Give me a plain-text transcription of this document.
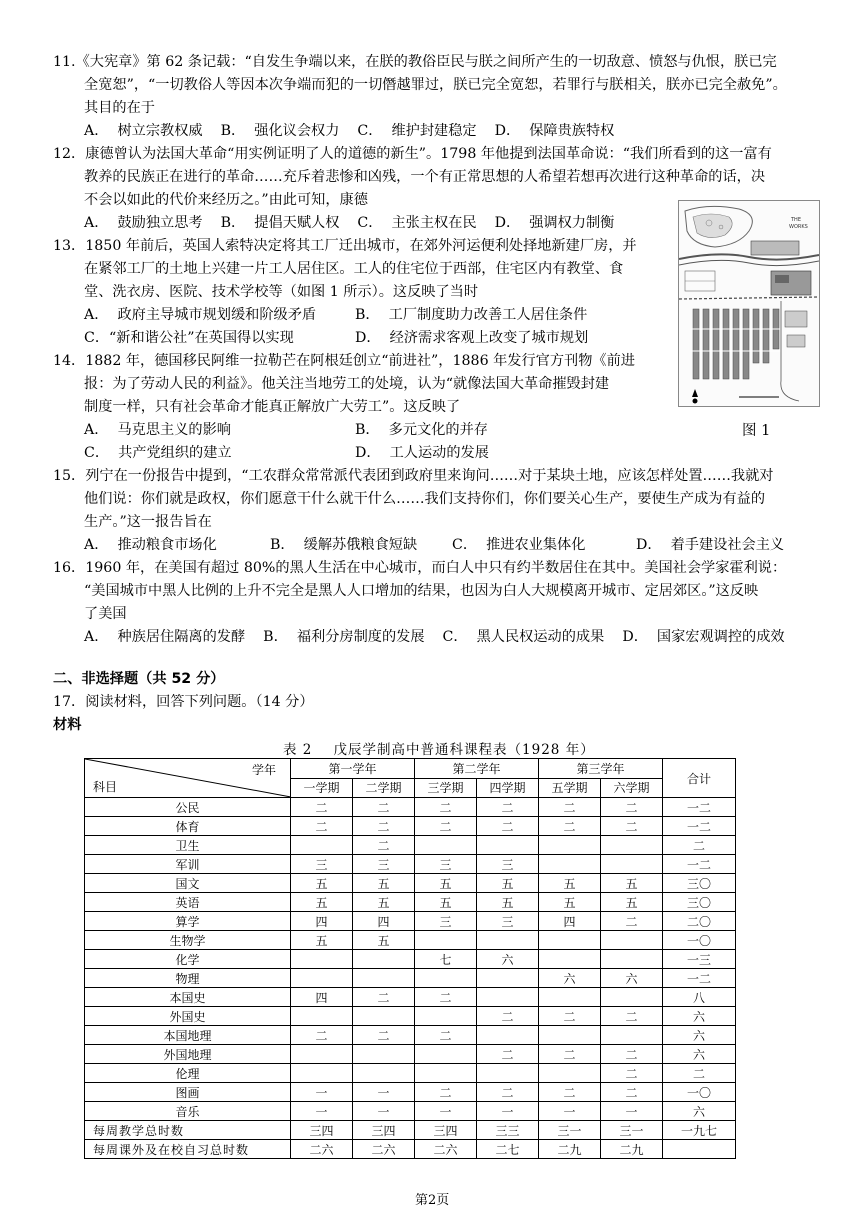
11.《大宪章》第 62 条记载：“自发生争端以来，在朕的教俗臣民与朕之间所产生的一切敌意、愤怒与仇恨，朕已完
全宽恕”，“一切教俗人等因本次争端而犯的一切僭越罪过，朕已完全宽恕，若罪行与朕相关，朕亦已完全赦免”。
其目的在于
A．  树立宗教权威    B．  强化议会权力    C．  维护封建稳定    D．  保障贵族特权
12．康德曾认为法国大革命“用实例证明了人的道德的新生”。1798 年他提到法国革命说：“我们所看到的这一富有
教养的民族正在进行的革命……充斥着悲惨和凶残，一个有正常思想的人希望若想再次进行这种革命的话，决
不会以如此的代价来经历之。”由此可知，康德
A．  鼓励独立思考    B．  提倡天赋人权    C．  主张主权在民    D．  强调权力制衡
13．1850 年前后，英国人索特决定将其工厂迁出城市，在郊外河运便利处择地新建厂房，并
在紧邻工厂的土地上兴建一片工人居住区。工人的住宅位于西部，住宅区内有教堂、食
堂、洗衣房、医院、技术学校等（如图 1 所示）。这反映了当时
A．  政府主导城市规划缓和阶级矛盾	B．  工厂制度助力改善工人居住条件
C．“新和谐公社”在英国得以实现	D．  经济需求客观上改变了城市规划
14．1882 年，德国移民阿维一拉勒芒在阿根廷创立“前进社”，1886 年发行官方刊物《前进
报：为了劳动人民的利益》。他关注当地劳工的处境，认为“就像法国大革命摧毁封建
制度一样，只有社会革命才能真正解放广大劳工”。这反映了
A．  马克思主义的影响	B．  多元文化的并存
C．  共产党组织的建立	D．  工人运动的发展
THE
WORKS
图 1
15．列宁在一份报告中提到，“工农群众常常派代表团到政府里来询问……对于某块土地，应该怎样处置……我就对
他们说：你们就是政权，你们愿意干什么就干什么……我们支持你们，你们要关心生产，要使生产成为有益的
生产。”这一报告旨在
A．  推动粮食市场化	B．  缓解苏俄粮食短缺 C．  推进农业集体化	D．  着手建设社会主义
16．1960 年，在美国有超过 80%的黑人生活在中心城市，而白人中只有约半数居住在其中。美国社会学家霍利说：
“美国城市中黑人比例的上升不完全是黑人人口增加的结果，也因为白人大规模离开城市、定居郊区。”这反映
了美国
A．  种族居住隔离的发酵    B．  福利分房制度的发展    C．  黑人民权运动的成果    D．  国家宏观调控的成效
二、非选择题（共 52 分）
17．阅读材料，回答下列问题。（14 分）
材料
表 2    戊辰学制高中普通科课程表（1928 年）
学年
科目	第一学年		第二学年		第三学年		合计
	一学期	二学期	三学期	四学期	五学期	六学期	
公民	二	二	二	二	二	二	一二
体育	二	二	二	二	二	二	一二
卫生		二					二
军训	三	三	三	三			一二
国文	五	五	五	五	五	五	三〇
英语	五	五	五	五	五	五	三〇
算学	四	四	三	三	四	二	二〇
生物学	五	五					一〇
化学			七	六			一三
物理					六	六	一二
本国史	四	二	二				八
外国史				二	二	二	六
本国地理	二	二	二				六
外国地理				二	二	二	六
伦理						二	二
图画	一	一	二	二	二	二	一〇
音乐	一	一	一	一	一	一	六
每周教学总时数	三四	三四	三四	三三	三一	三一	一九七
每周课外及在校自习总时数	二六	二六	二六	二七	二九	二九	
第2页
